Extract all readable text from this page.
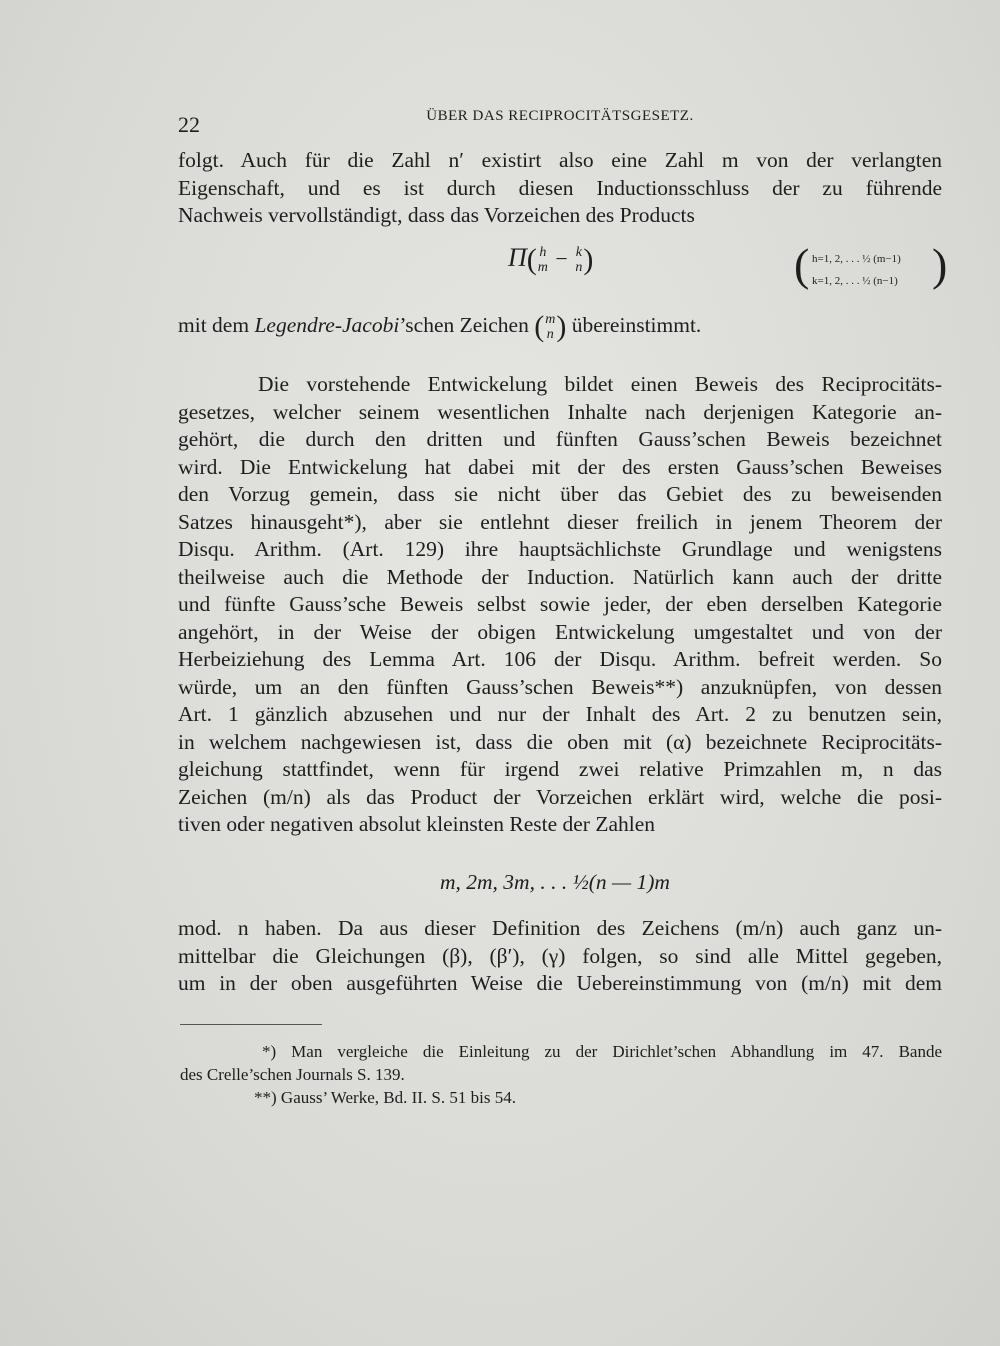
22	ÜBER DAS RECIPROCITÄTSGESETZ.
folgt. Auch für die Zahl n′ existirt also eine Zahl m von der verlangten
Eigenschaft, und es ist durch diesen Inductionsschluss der zu führende
Nachweis vervollständigt, dass das Vorzeichen des Products
Π( h
m − k
n )	( h=1, 2, . . . ½ (m−1)
k=1, 2, . . . ½ (n−1) )
mit dem Legendre-Jacobi’schen Zeichen ( m
n ) übereinstimmt.
Die vorstehende Entwickelung bildet einen Beweis des Reciprocitäts-
gesetzes, welcher seinem wesentlichen Inhalte nach derjenigen Kategorie an-
gehört, die durch den dritten und fünften Gauss’schen Beweis bezeichnet
wird. Die Entwickelung hat dabei mit der des ersten Gauss’schen Beweises
den Vorzug gemein, dass sie nicht über das Gebiet des zu beweisenden
Satzes hinausgeht*), aber sie entlehnt dieser freilich in jenem Theorem der
Disqu. Arithm. (Art. 129) ihre hauptsächlichste Grundlage und wenigstens
theilweise auch die Methode der Induction. Natürlich kann auch der dritte
und fünfte Gauss’sche Beweis selbst sowie jeder, der eben derselben Kategorie
angehört, in der Weise der obigen Entwickelung umgestaltet und von der
Herbeiziehung des Lemma Art. 106 der Disqu. Arithm. befreit werden. So
würde, um an den fünften Gauss’schen Beweis**) anzuknüpfen, von dessen
Art. 1 gänzlich abzusehen und nur der Inhalt des Art. 2 zu benutzen sein,
in welchem nachgewiesen ist, dass die oben mit (α) bezeichnete Reciprocitäts-
gleichung stattfindet, wenn für irgend zwei relative Primzahlen m, n das
Zeichen (m/n) als das Product der Vorzeichen erklärt wird, welche die posi-
tiven oder negativen absolut kleinsten Reste der Zahlen
m, 2m, 3m, . . . ½(n — 1)m
mod. n haben. Da aus dieser Definition des Zeichens (m/n) auch ganz un-
mittelbar die Gleichungen (β), (β′), (γ) folgen, so sind alle Mittel gegeben,
um in der oben ausgeführten Weise die Uebereinstimmung von (m/n) mit dem
*) Man vergleiche die Einleitung zu der Dirichlet’schen Abhandlung im 47. Bande
des Crelle’schen Journals S. 139.
**) Gauss’ Werke, Bd. II. S. 51 bis 54.
